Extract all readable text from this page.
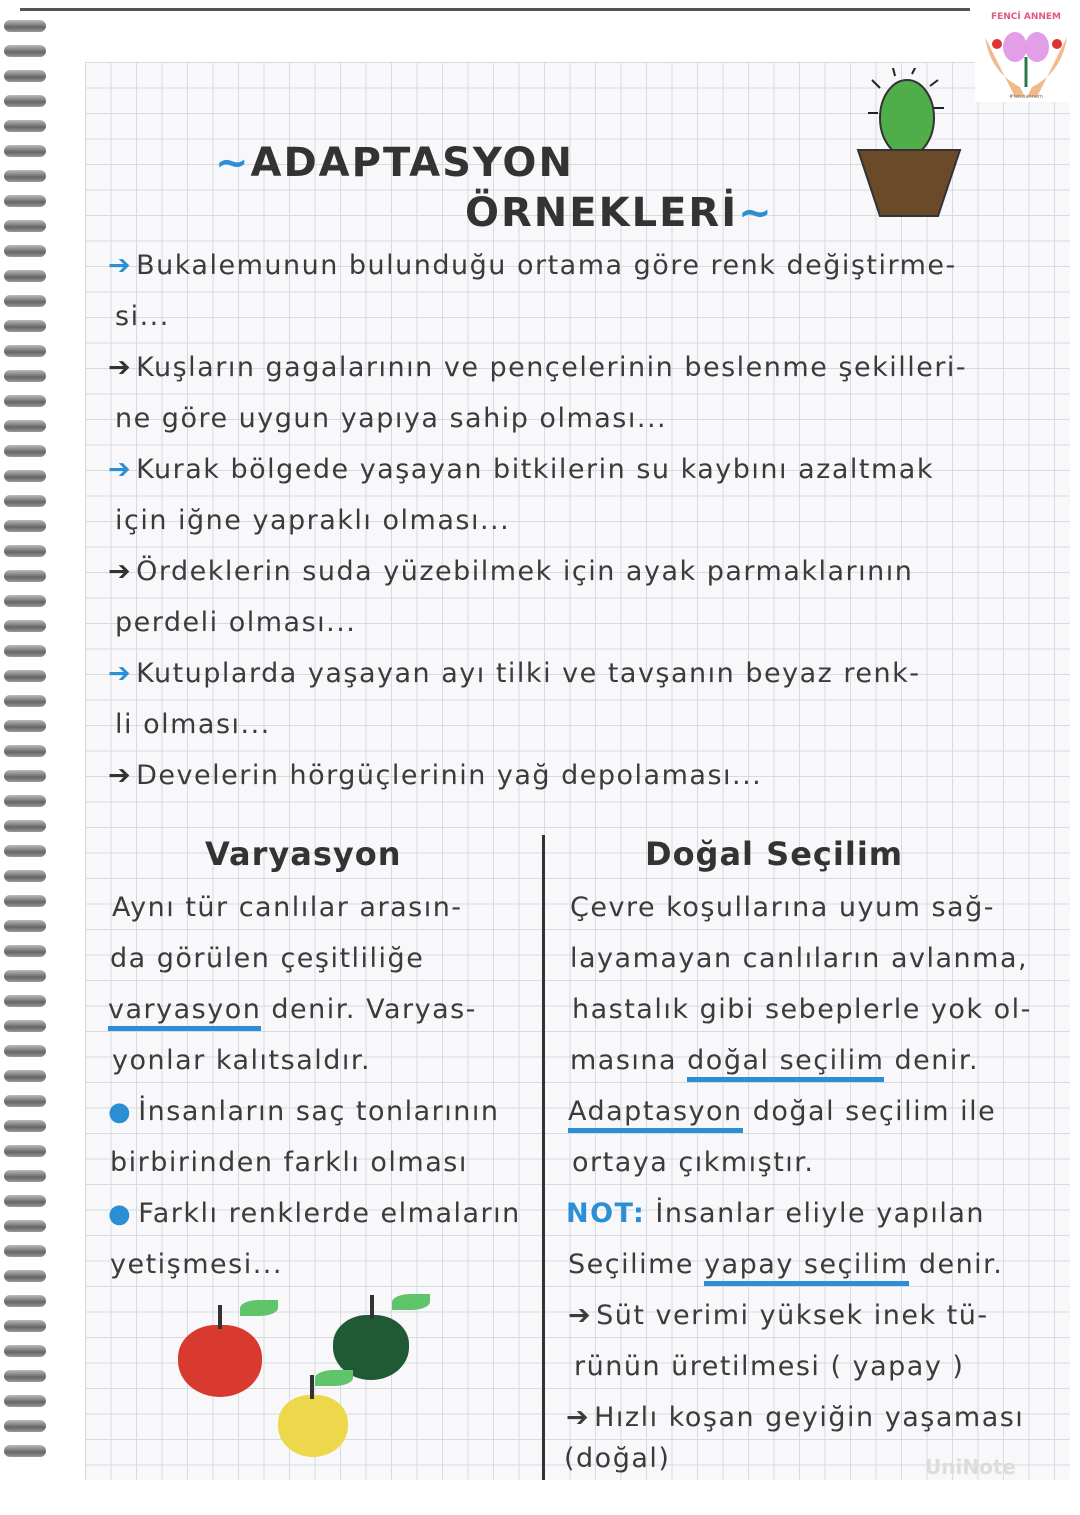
FENCİ ANNEM
#fenciannem
~ADAPTASYON
ÖRNEKLERİ~
➔ Bukalemunun bulunduğu ortama göre renk değiştirme-
si...
➔ Kuşların gagalarının ve pençelerinin beslenme şekilleri-
ne göre uygun yapıya sahip olması...
➔ Kurak bölgede yaşayan bitkilerin su kaybını azaltmak
için iğne yapraklı olması...
➔ Ördeklerin suda yüzebilmek için ayak parmaklarının
perdeli olması...
➔ Kutuplarda yaşayan ayı tilki ve tavşanın beyaz renk-
li olması...
➔ Develerin hörgüçlerinin yağ depolaması...
Varyasyon	Doğal Seçilim
Aynı tür canlılar arasın-
da görülen çeşitliliğe
varyasyon denir. Varyas-
yonlar kalıtsaldır.
● İnsanların saç tonlarının
birbirinden farklı olması
● Farklı renklerde elmaların
yetişmesi...
Çevre koşullarına uyum sağ-
layamayan canlıların avlanma,
hastalık gibi sebeplerle yok ol-
masına doğal seçilim denir.
Adaptasyon doğal seçilim ile
ortaya çıkmıştır.
NOT: İnsanlar eliyle yapılan
Seçilime yapay seçilim denir.
➔ Süt verimi yüksek inek tü-
rünün üretilmesi ( yapay )
➔ Hızlı koşan geyiğin yaşaması
(doğal)	UniNote
